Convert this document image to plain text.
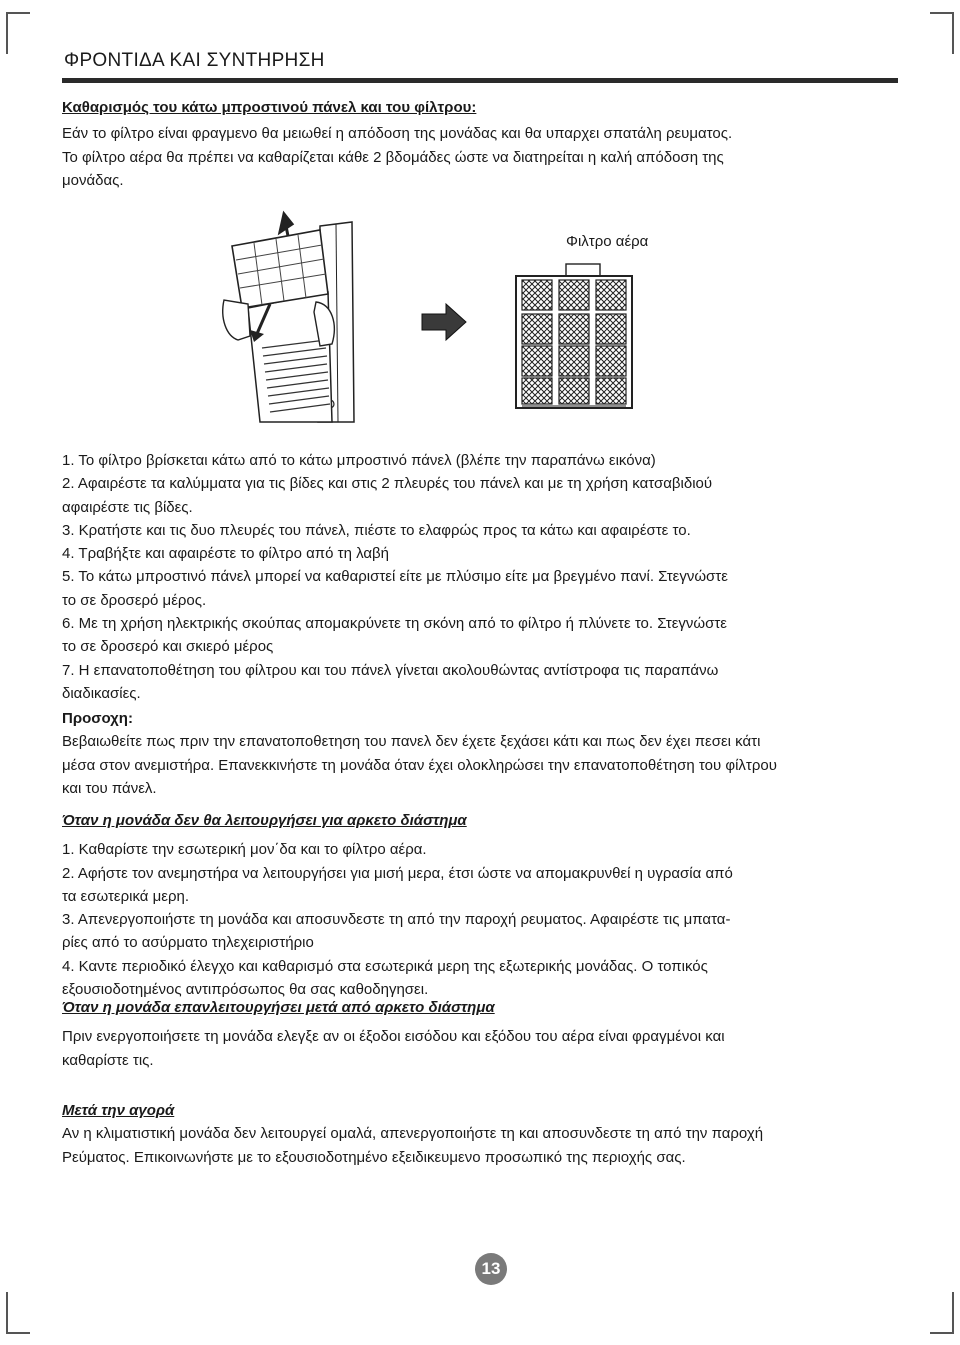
ΦΡΟΝΤΙΔΑ ΚΑΙ ΣΥΝΤΗΡΗΣΗ

Καθαρισμός του κάτω μπροστινού πάνελ και του φίλτρου:

Εάν το φίλτρο είναι φραγμενο θα μειωθεί η απόδοση της μονάδας και θα υπαρχει σπατάλη ρευματος.

Το φίλτρο αέρα θα πρέπει να καθαρίζεται κάθε 2 βδομάδες ώστε να διατηρείται η καλή απόδοση της

μονάδας.

Φιλτρο αέρα

1. Το φίλτρο βρίσκεται κάτω από το κάτω μπροστινό πάνελ (βλέπε την παραπάνω εικόνα)

2. Αφαιρέστε τα καλύμματα για τις βίδες και στις 2 πλευρές του πάνελ και με τη χρήση κατσαβιδιού

αφαιρέστε τις βίδες.

3. Κρατήστε και τις δυο πλευρές του πάνελ, πιέστε το ελαφρώς προς τα κάτω και αφαιρέστε το.

4. Τραβήξτε και αφαιρέστε το φίλτρο από τη λαβή

5. Το κάτω μπροστινό πάνελ μπορεί να καθαριστεί είτε με πλύσιμο είτε μα βρεγμένο πανί. Στεγνώστε

το σε δροσερό μέρος.

6. Με τη χρήση ηλεκτρικής σκούπας απομακρύνετε τη σκόνη από το φίλτρο ή πλύνετε το. Στεγνώστε

το σε δροσερό και σκιερό μέρος

7. Η επανατοποθέτηση του φίλτρου και του πάνελ γίνεται ακολουθώντας αντίστροφα τις παραπάνω

διαδικασίες.

Προσοχη:

Βεβαιωθείτε πως πριν την επανατοποθετηση του πανελ δεν έχετε ξεχάσει κάτι και πως δεν έχει πεσει κάτι

μέσα στον ανεμιστήρα. Επανεκκινήστε τη μονάδα όταν έχει ολοκληρώσει την επανατοποθέτηση του φίλτρου

και του πάνελ.

Όταν η μονάδα δεν θα λειτουργήσει για αρκετο διάστημα

1. Καθαρίστε την εσωτερική μον΄δα και το φίλτρο αέρα.

2. Αφήστε τον ανεμηστήρα να λειτουργήσει για μισή μερα, έτσι ώστε να απομακρυνθεί η υγρασία από

τα εσωτερικά μερη.

3. Απενεργοποιήστε τη μονάδα και αποσυνδεστε τη από την παροχή ρευματος. Αφαιρέστε τις μπατα-

ρίες από το ασύρματο τηλεχειριστήριο

4. Καντε περιοδικό έλεγχο και καθαρισμό στα εσωτερικά μερη της εξωτερικής μονάδας. Ο τοπικός

εξουσιοδοτημένος αντιπρόσωπος θα σας καθοδηγησει.

Όταν η μονάδα επανλειτουργήσει μετά από αρκετο διάστημα

Πριν ενεργοποιήσετε τη μονάδα ελεγξε αν οι έξοδοι εισόδου και εξόδου του αέρα είναι φραγμένοι και

καθαρίστε τις.

Μετά την αγορά

Αν η κλιματιστική μονάδα δεν λειτουργεί ομαλά, απενεργοποιήστε τη και αποσυνδεστε τη από την παροχή

Ρεύματος. Επικοινωνήστε με το εξουσιοδοτημένο εξειδικευμενο προσωπικό της περιοχής σας.

13
